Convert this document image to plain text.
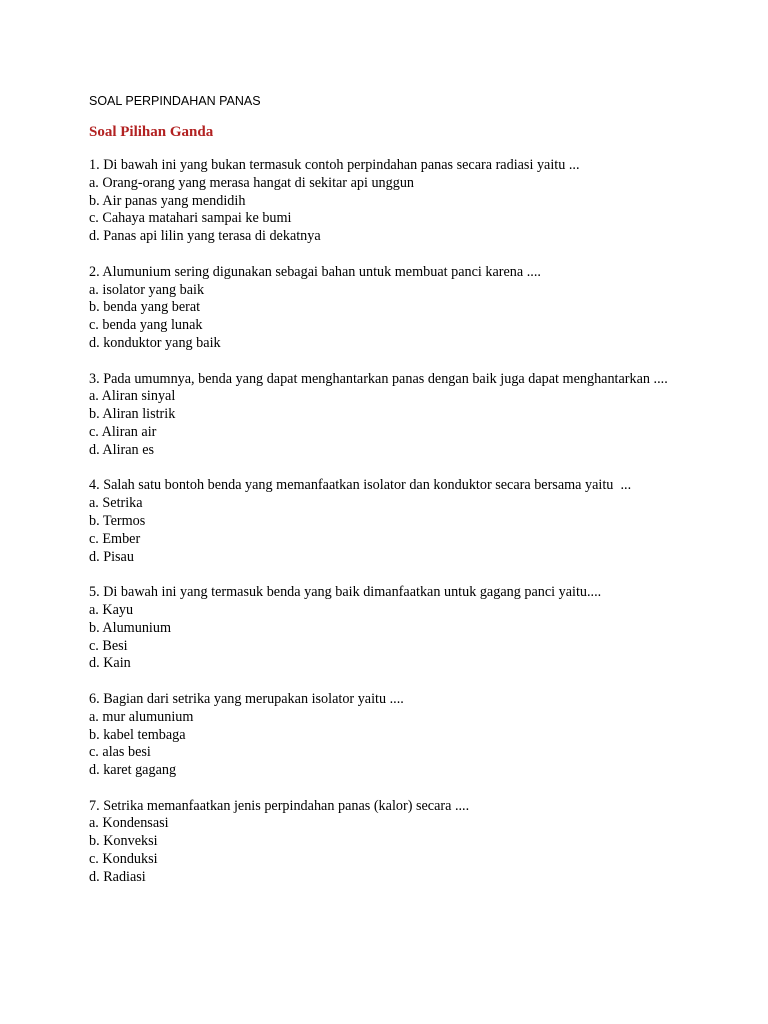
SOAL PERPINDAHAN PANAS
Soal Pilihan Ganda
1. Di bawah ini yang bukan termasuk contoh perpindahan panas secara radiasi yaitu ...
a. Orang-orang yang merasa hangat di sekitar api unggun
b. Air panas yang mendidih
c. Cahaya matahari sampai ke bumi
d. Panas api lilin yang terasa di dekatnya
2. Alumunium sering digunakan sebagai bahan untuk membuat panci karena ....
a. isolator yang baik
b. benda yang berat
c. benda yang lunak
d. konduktor yang baik
3. Pada umumnya, benda yang dapat menghantarkan panas dengan baik juga dapat menghantarkan ....
a. Aliran sinyal
b. Aliran listrik
c. Aliran air
d. Aliran es
4. Salah satu bontoh benda yang memanfaatkan isolator dan konduktor secara bersama yaitu  ...
a. Setrika
b. Termos
c. Ember
d. Pisau
5. Di bawah ini yang termasuk benda yang baik dimanfaatkan untuk gagang panci yaitu....
a. Kayu
b. Alumunium
c. Besi
d. Kain
6. Bagian dari setrika yang merupakan isolator yaitu ....
a. mur alumunium
b. kabel tembaga
c. alas besi
d. karet gagang
7. Setrika memanfaatkan jenis perpindahan panas (kalor) secara ....
a. Kondensasi
b. Konveksi
c. Konduksi
d. Radiasi
